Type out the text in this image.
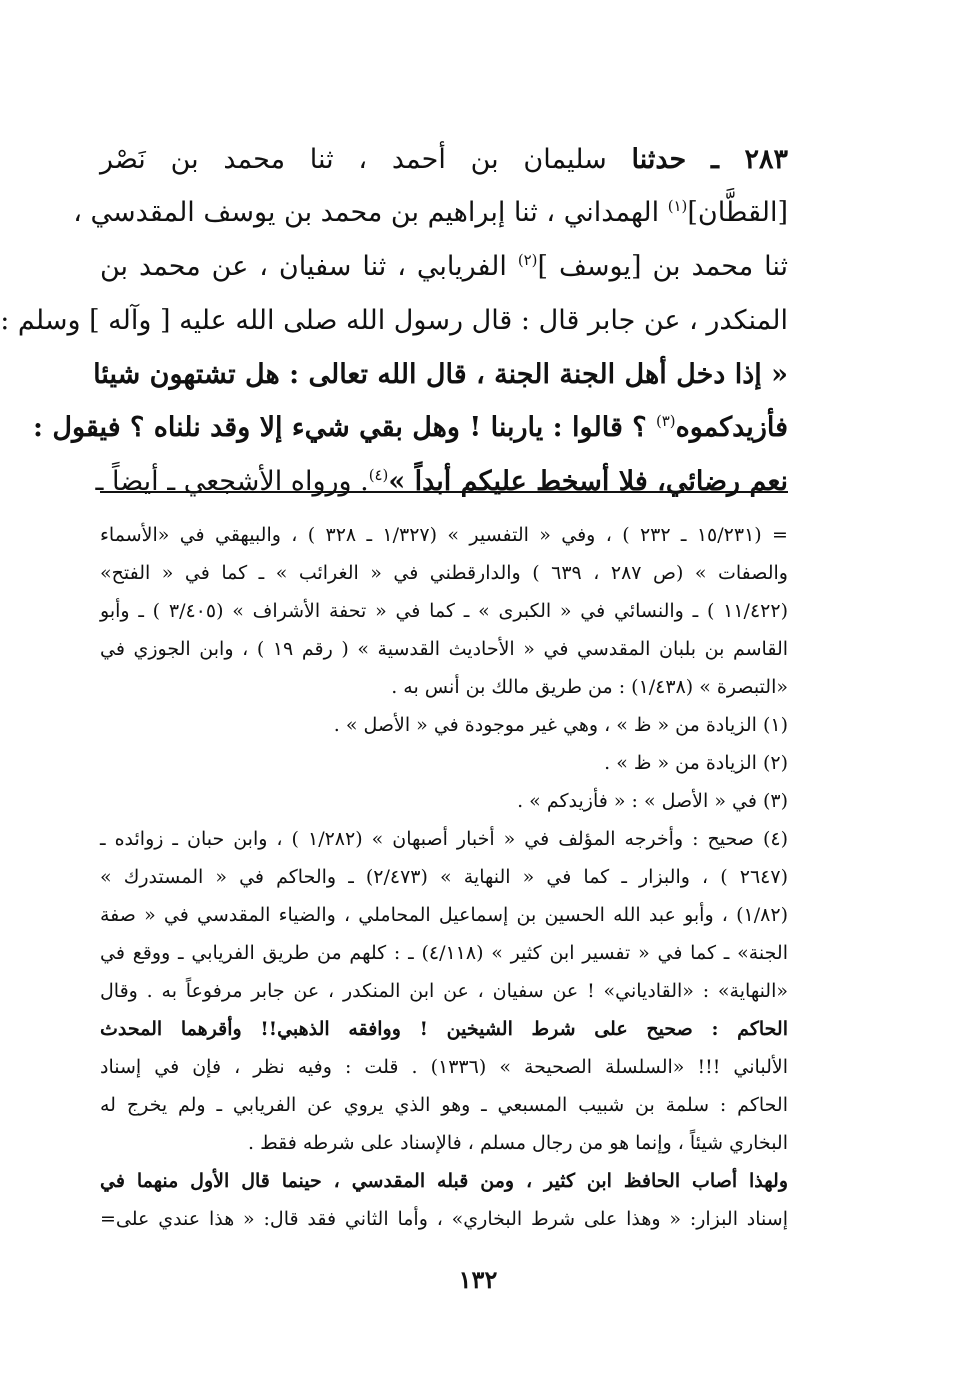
٢٨٣ ـ حدثنا سليمان بن أحمد ، ثنا محمد بن نَصْر
[القطَّان]$^{(١)}$ الهمداني ، ثنا إبراهيم بن محمد بن يوسف المقدسي ،
ثنا محمد بن [يوسف ]$^{(٢)}$ الفريابي ، ثنا سفيان ، عن محمد بن
المنكدر ، عن جابر قال : قال رسول الله صلى الله عليه [ وآله ] وسلم :
« إذا دخل أهل الجنة الجنة ، قال الله تعالى : هل تشتهون شيئا
فأزيدكموه$^{(٣)}$ ؟ قالوا : ياربنا ! وهل بقي شيء إلا وقد نلناه ؟ فيقول :
نعم رضائي، فلا أسخط عليكم أبداً »$^{(٤)}$. ورواه الأشجعي ـ أيضاً ـ
= (١٥/٢٣١ ـ ٢٣٢ ) ، وفي « التفسير » (١/٣٢٧ ـ ٣٢٨ ) ، والبيهقي في «الأسماء
والصفات » (ص ٢٨٧ ، ٦٣٩ ) والدارقطني في « الغرائب » ـ كما في « الفتح»
(١١/٤٢٢ ) ـ والنسائي في « الكبرى » ـ كما في « تحفة الأشراف » (٣/٤٠٥ ) ـ وأبو
القاسم بن بلبان المقدسي في « الأحاديث القدسية » ( رقم ١٩ ) ، وابن الجوزي في
«التبصرة » (١/٤٣٨) : من طريق مالك بن أنس به .
(١) الزيادة من « ظ » ، وهي غير موجودة في « الأصل » .
(٢) الزيادة من « ظ » .
(٣) في « الأصل » : « فأزيدكم » .
(٤) صحيح : وأخرجه المؤلف في « أخبار أصبهان » (١/٢٨٢ ) ، وابن حبان ـ زوائده ـ
(٢٦٤٧ ) ، والبزار ـ كما في « النهاية » (٢/٤٧٣) ـ والحاكم في « المستدرك »
(١/٨٢) ، وأبو عبد الله الحسين بن إسماعيل المحاملي ، والضياء المقدسي في « صفة
الجنة» ـ كما في « تفسير ابن كثير » (٤/١١٨) ـ : كلهم من طريق الفريابي ـ ووقع في
«النهاية» : «القادياني» ! عن سفيان ، عن ابن المنكدر ، عن جابر مرفوعاً به . وقال
الحاكم : صحيح على شرط الشيخين ! ووافقه الذهبي!! وأقرهما المحدث
الألباني !!! «السلسلة الصحيحة » (١٣٣٦) . قلت : وفيه نظر ، فإن في إسناد
الحاكم : سلمة بن شبيب المسبعي ـ وهو الذي يروي عن الفريابي ـ ولم يخرج له
البخاري شيئاً ، وإنما هو من رجال مسلم ، فالإسناد على شرطه فقط .
ولهذا أصاب الحافظ ابن كثير ، ومن قبله المقدسي ، حينما قال الأول منهما في
إسناد البزار: « وهذا على شرط البخاري» ، وأما الثاني فقد قال: « هذا عندي على=
١٣٢
